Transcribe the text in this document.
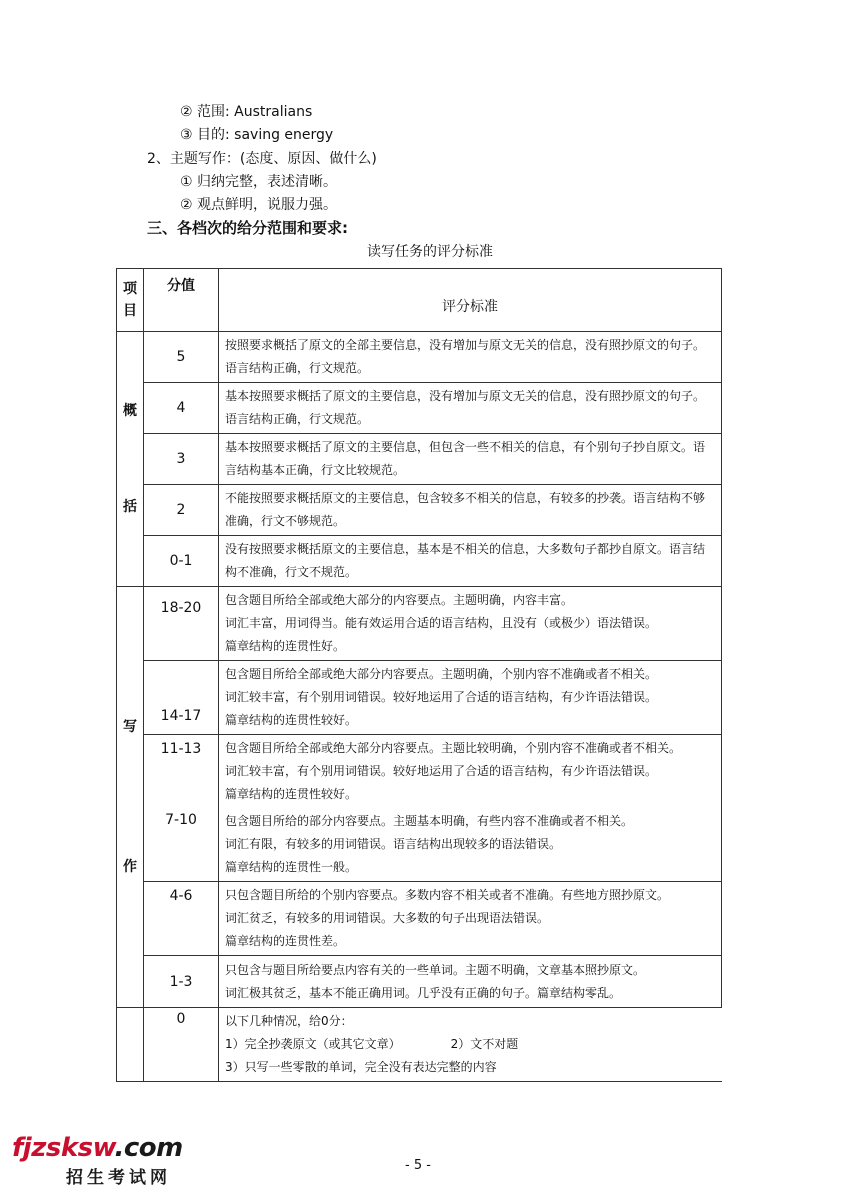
② 范围: Australians
③ 目的: saving energy
2、主题写作：(态度、原因、做什么)
① 归纳完整，表述清晰。
② 观点鲜明，说服力强。
三、各档次的给分范围和要求:
读写任务的评分标准
项目	分值	评分标准
概括	5	按照要求概括了原文的全部主要信息，没有增加与原文无关的信息，没有照抄原文的句子。语言结构正确，行文规范。
	4	基本按照要求概括了原文的主要信息，没有增加与原文无关的信息，没有照抄原文的句子。语言结构正确，行文规范。
	3	基本按照要求概括了原文的主要信息，但包含一些不相关的信息，有个别句子抄自原文。语言结构基本正确，行文比较规范。
	2	不能按照要求概括原文的主要信息，包含较多不相关的信息，有较多的抄袭。语言结构不够准确，行文不够规范。
	0-1	没有按照要求概括原文的主要信息，基本是不相关的信息，大多数句子都抄自原文。语言结构不准确，行文不规范。
写作	18-20	包含题目所给全部或绝大部分的内容要点。主题明确，内容丰富。
词汇丰富，用词得当。能有效运用合适的语言结构，且没有（或极少）语法错误。
篇章结构的连贯性好。

	14-17	包含题目所给全部或绝大部分内容要点。主题明确，个别内容不准确或者不相关。
词汇较丰富，有个别用词错误。较好地运用了合适的语言结构，有少许语法错误。
篇章结构的连贯性较好。

	11-13	包含题目所给全部或绝大部分内容要点。主题比较明确，个别内容不准确或者不相关。
词汇较丰富，有个别用词错误。较好地运用了合适的语言结构，有少许语法错误。
篇章结构的连贯性较好。

	7-10	包含题目所给的部分内容要点。主题基本明确，有些内容不准确或者不相关。
词汇有限，有较多的用词错误。语言结构出现较多的语法错误。
篇章结构的连贯性一般。

	4-6	只包含题目所给的个别内容要点。多数内容不相关或者不准确。有些地方照抄原文。
词汇贫乏，有较多的用词错误。大多数的句子出现语法错误。
篇章结构的连贯性差。

	1-3	只包含与题目所给要点内容有关的一些单词。主题不明确，文章基本照抄原文。
词汇极其贫乏，基本不能正确用词。几乎没有正确的句子。篇章结构零乱。

	0	以下几种情况，给0分：
1）完全抄袭原文（或其它文章） 2）文不对题
3）只写一些零散的单词，完全没有表达完整的内容
fjzsksw.com
招生考试网
- 5 -
